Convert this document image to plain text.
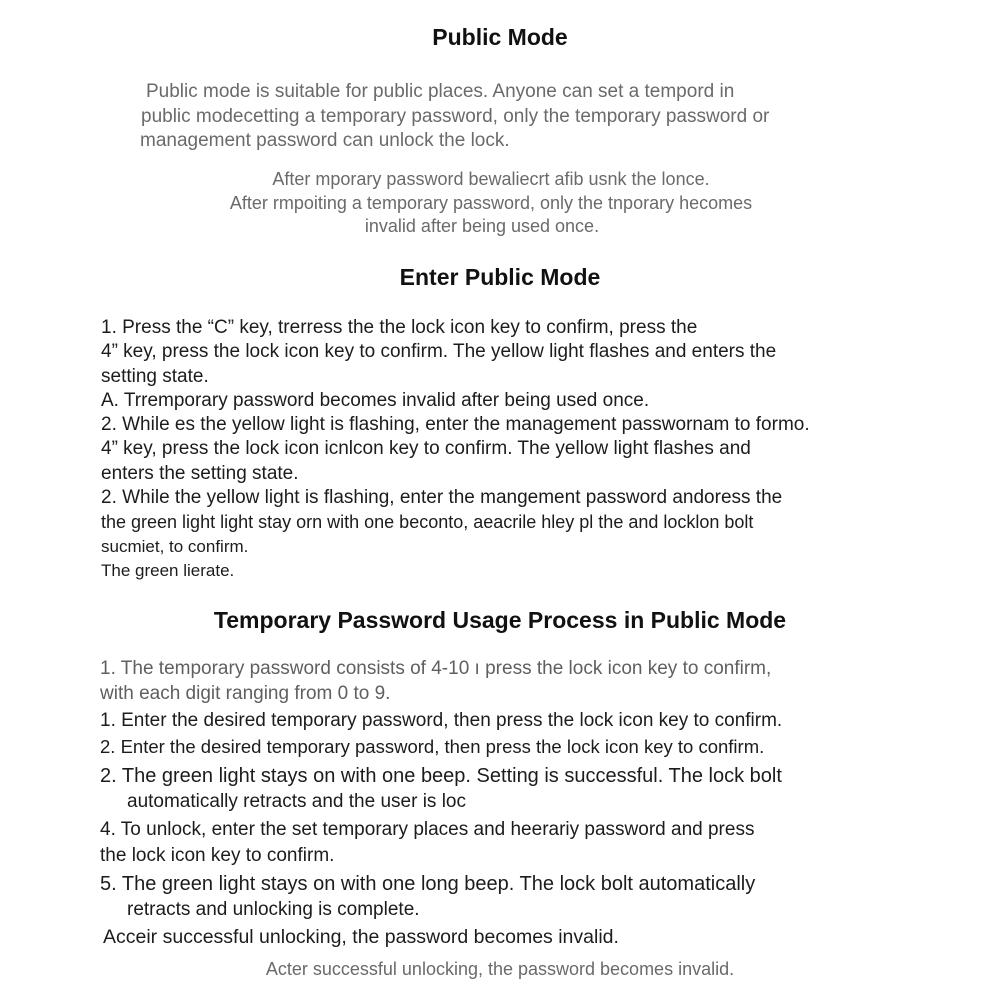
Public Mode
Public mode is suitable for public places. Anyone can set a tempord in
public modecetting a temporary password, only the temporary password or
management password can unlock the lock.
After mporary password bewaliecrt afib usnk the lonce.
After rmpoiting a temporary password, only the tnporary hecomes
invalid after being used once.
Enter Public Mode
1. Press the “C” key, trerress the the lock icon key to confirm, press the
4” key, press the lock icon key to confirm. The yellow light flashes and enters the
setting state.
A. Trremporary password becomes invalid after being used once.
2. While es the yellow light is flashing, enter the management passwornam to formo.
4” key, press the lock icon icnlcon key to confirm. The yellow light flashes and
enters the setting state.
2. While the yellow light is flashing, enter the mangement password andoress the
the green light light stay orn with one beconto, aeacrile hley pl the and locklon bolt
sucmiet, to confirm.
The green lierate.
Temporary Password Usage Process in Public Mode
1. The temporary password consists of 4-10 ı press the lock icon key to confirm,
with each digit ranging from 0 to 9.
1. Enter the desired temporary password, then press the lock icon key to confirm.
2. Enter the desired temporary password, then press the lock icon key to confirm.
2. The green light stays on with one beep. Setting is successful. The lock bolt
automatically retracts and the user is loc
4. To unlock, enter the set temporary places and heerariy password and press
the lock icon key to confirm.
5. The green light stays on with one long beep. The lock bolt automatically
retracts and unlocking is complete.
Acceir successful unlocking, the password becomes invalid.
Acter successful unlocking, the password becomes invalid.
